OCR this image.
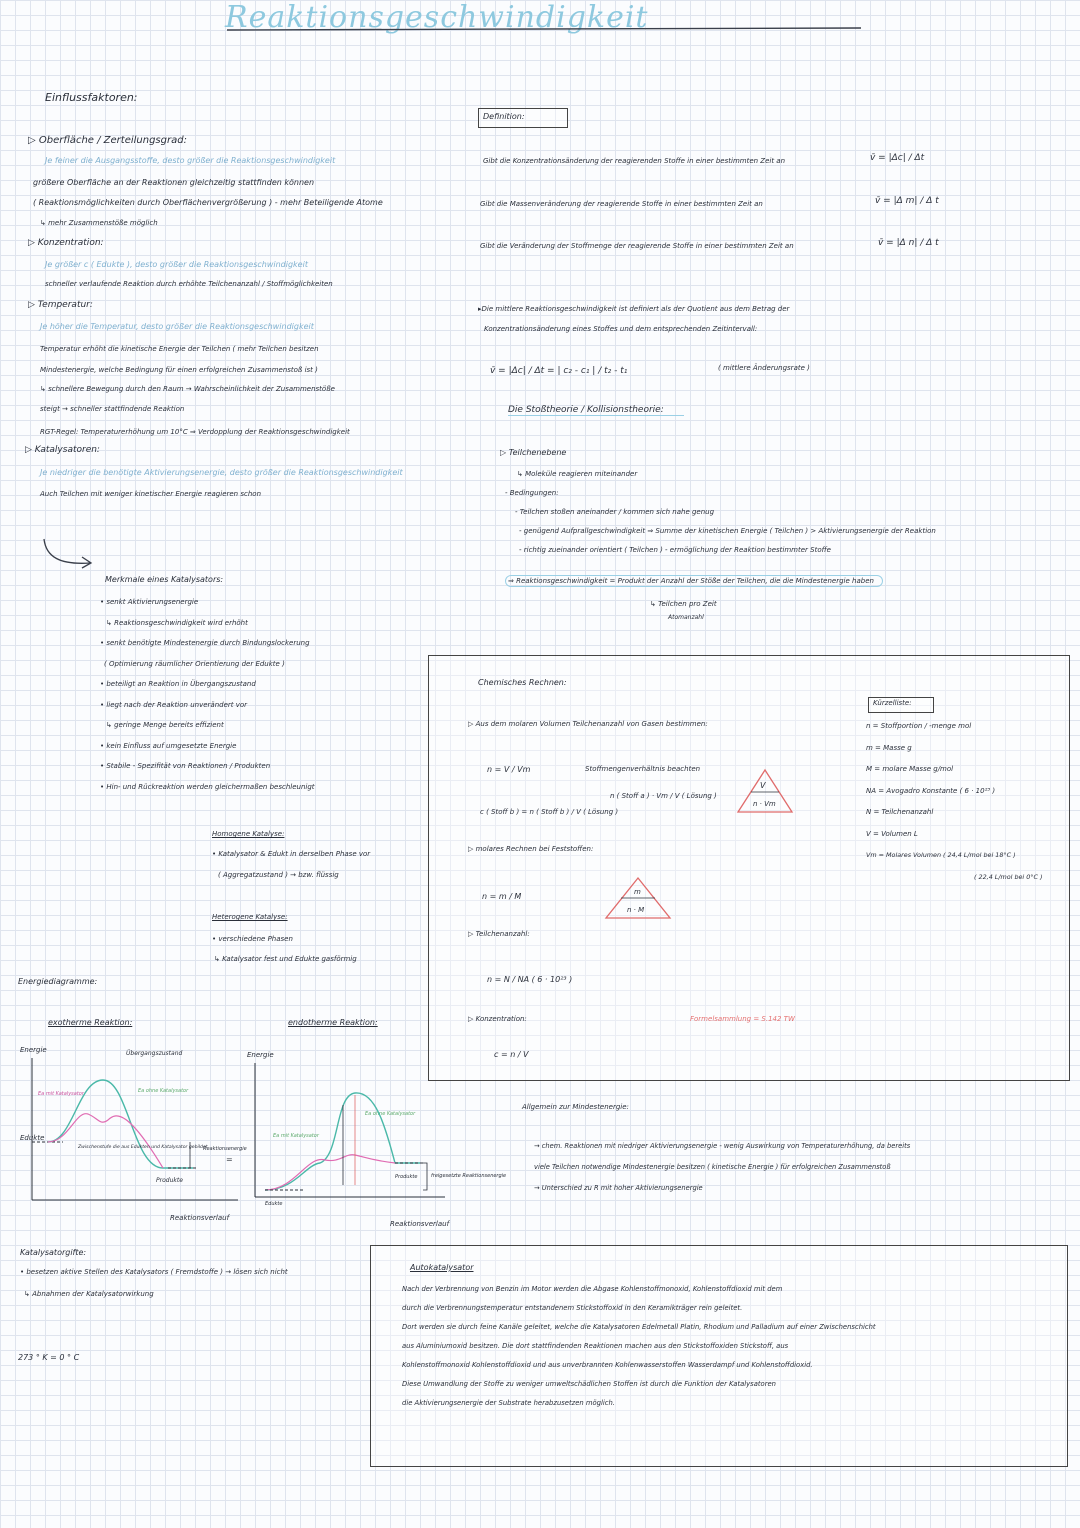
Reaktionsgeschwindigkeit
Einflussfaktoren:
▷ Oberfläche / Zerteilungsgrad:
Je feiner die Ausgangsstoffe, desto größer die Reaktionsgeschwindigkeit
größere Oberfläche an der Reaktionen gleichzeitig stattfinden können
( Reaktionsmöglichkeiten durch Oberflächenvergrößerung ) - mehr Beteiligende Atome
↳ mehr Zusammenstöße möglich
▷ Konzentration:
Je größer c ( Edukte ), desto größer die Reaktionsgeschwindigkeit
schneller verlaufende Reaktion durch erhöhte Teilchenanzahl / Stoffmöglichkeiten
▷ Temperatur:
Je höher die Temperatur, desto größer die Reaktionsgeschwindigkeit
Temperatur erhöht die kinetische Energie der Teilchen ( mehr Teilchen besitzen
Mindestenergie, welche Bedingung für einen erfolgreichen Zusammenstoß ist )
↳ schnellere Bewegung durch den Raum → Wahrscheinlichkeit der Zusammenstöße
steigt → schneller stattfindende Reaktion
RGT-Regel: Temperaturerhöhung um 10°C ⇒ Verdopplung der Reaktionsgeschwindigkeit
▷ Katalysatoren:
Je niedriger die benötigte Aktivierungsenergie, desto größer die Reaktionsgeschwindigkeit
Auch Teilchen mit weniger kinetischer Energie reagieren schon
Merkmale eines Katalysators:
• senkt Aktivierungsenergie
↳ Reaktionsgeschwindigkeit wird erhöht
• senkt benötigte Mindestenergie durch Bindungslockerung
( Optimierung räumlicher Orientierung der Edukte )
• beteiligt an Reaktion in Übergangszustand
• liegt nach der Reaktion unverändert vor
↳ geringe Menge bereits effizient
• kein Einfluss auf umgesetzte Energie
• Stabile - Spezifität von Reaktionen / Produkten
• Hin- und Rückreaktion werden gleichermaßen beschleunigt
Homogene Katalyse:
• Katalysator & Edukt in derselben Phase vor
( Aggregatzustand ) → bzw. flüssig
Heterogene Katalyse:
• verschiedene Phasen
↳ Katalysator fest und Edukte gasförmig
Energiediagramme:
exotherme Reaktion:	endotherme Reaktion:
Energie	Übergangszustand
Ea mit Katalysator	Ea ohne Katalysator
Edukte
Zwischenstufe die aus Edukten und Katalysator gebildet
Produkte
Reaktionsenergie
=
Reaktionsverlauf
Energie
Ea mit Katalysator
Ea ohne Katalysator
Edukte
Produkte	freigesetzte Reaktionsenergie
Reaktionsverlauf
Katalysatorgifte:
• besetzen aktive Stellen des Katalysators ( Fremdstoffe ) → lösen sich nicht
↳ Abnahmen der Katalysatorwirkung
273 ° K = 0 ° C
Definition:
Gibt die Konzentrationsänderung der reagierenden Stoffe in einer bestimmten Zeit an	v̄ = |Δc| / Δt
Gibt die Massenveränderung der reagierende Stoffe in einer bestimmten Zeit an	v̄ = |Δ m| / Δ t
Gibt die Veränderung der Stoffmenge der reagierende Stoffe in einer bestimmten Zeit an	v̄ = |Δ n| / Δ t
▸Die mittlere Reaktionsgeschwindigkeit ist definiert als der Quotient aus dem Betrag der
Konzentrationsänderung eines Stoffes und dem entsprechenden Zeitintervall:
v̄ = |Δc| / Δt = | c₂ - c₁ | / t₂ - t₁	( mittlere Änderungsrate )
Die Stoßtheorie / Kollisionstheorie:
▷ Teilchenebene
↳ Moleküle reagieren miteinander
- Bedingungen:
- Teilchen stoßen aneinander / kommen sich nahe genug
- genügend Aufprallgeschwindigkeit ⇒ Summe der kinetischen Energie ( Teilchen ) > Aktivierungsenergie der Reaktion
- richtig zueinander orientiert ( Teilchen ) - ermöglichung der Reaktion bestimmter Stoffe
⇒ Reaktionsgeschwindigkeit = Produkt der Anzahl der Stöße der Teilchen, die die Mindestenergie haben
↳ Teilchen pro Zeit
Atomanzahl
Chemisches Rechnen:
▷ Aus dem molaren Volumen Teilchenanzahl von Gasen bestimmen:
n = V / Vm	Stoffmengenverhältnis beachten
c ( Stoff b ) = n ( Stoff b ) / V ( Lösung )
n ( Stoff a ) · Vm / V ( Lösung )
V
n · Vm
▷ molares Rechnen bei Feststoffen:
n = m / M	m
n · M
▷ Teilchenanzahl:
n = N / NA ( 6 · 10²³ )
▷ Konzentration:
c = n / V
Formelsammlung = S.142 TW
Kürzelliste:
n = Stoffportion / -menge mol
m = Masse g
M = molare Masse g/mol
NA = Avogadro Konstante ( 6 · 10²³ )
N = Teilchenanzahl
V = Volumen L
Vm = Molares Volumen ( 24,4 L/mol bei 18°C )
( 22,4 L/mol bei 0°C )
Allgemein zur Mindestenergie:
→ chem. Reaktionen mit niedriger Aktivierungsenergie - wenig Auswirkung von Temperaturerhöhung, da bereits
viele Teilchen notwendige Mindestenergie besitzen ( kinetische Energie ) für erfolgreichen Zusammenstoß
→ Unterschied zu R mit hoher Aktivierungsenergie
Autokatalysator
Nach der Verbrennung von Benzin im Motor werden die Abgase Kohlenstoffmonoxid, Kohlenstoffdioxid mit dem
durch die Verbrennungstemperatur entstandenem Stickstoffoxid in den Keramikträger rein geleitet.
Dort werden sie durch feine Kanäle geleitet, welche die Katalysatoren Edelmetall Platin, Rhodium und Palladium auf einer Zwischenschicht
aus Aluminiumoxid besitzen. Die dort stattfindenden Reaktionen machen aus den Stickstoffoxiden Stickstoff, aus
Kohlenstoffmonoxid Kohlenstoffdioxid und aus unverbrannten Kohlenwasserstoffen Wasserdampf und Kohlenstoffdioxid.
Diese Umwandlung der Stoffe zu weniger umweltschädlichen Stoffen ist durch die Funktion der Katalysatoren
die Aktivierungsenergie der Substrate herabzusetzen möglich.
